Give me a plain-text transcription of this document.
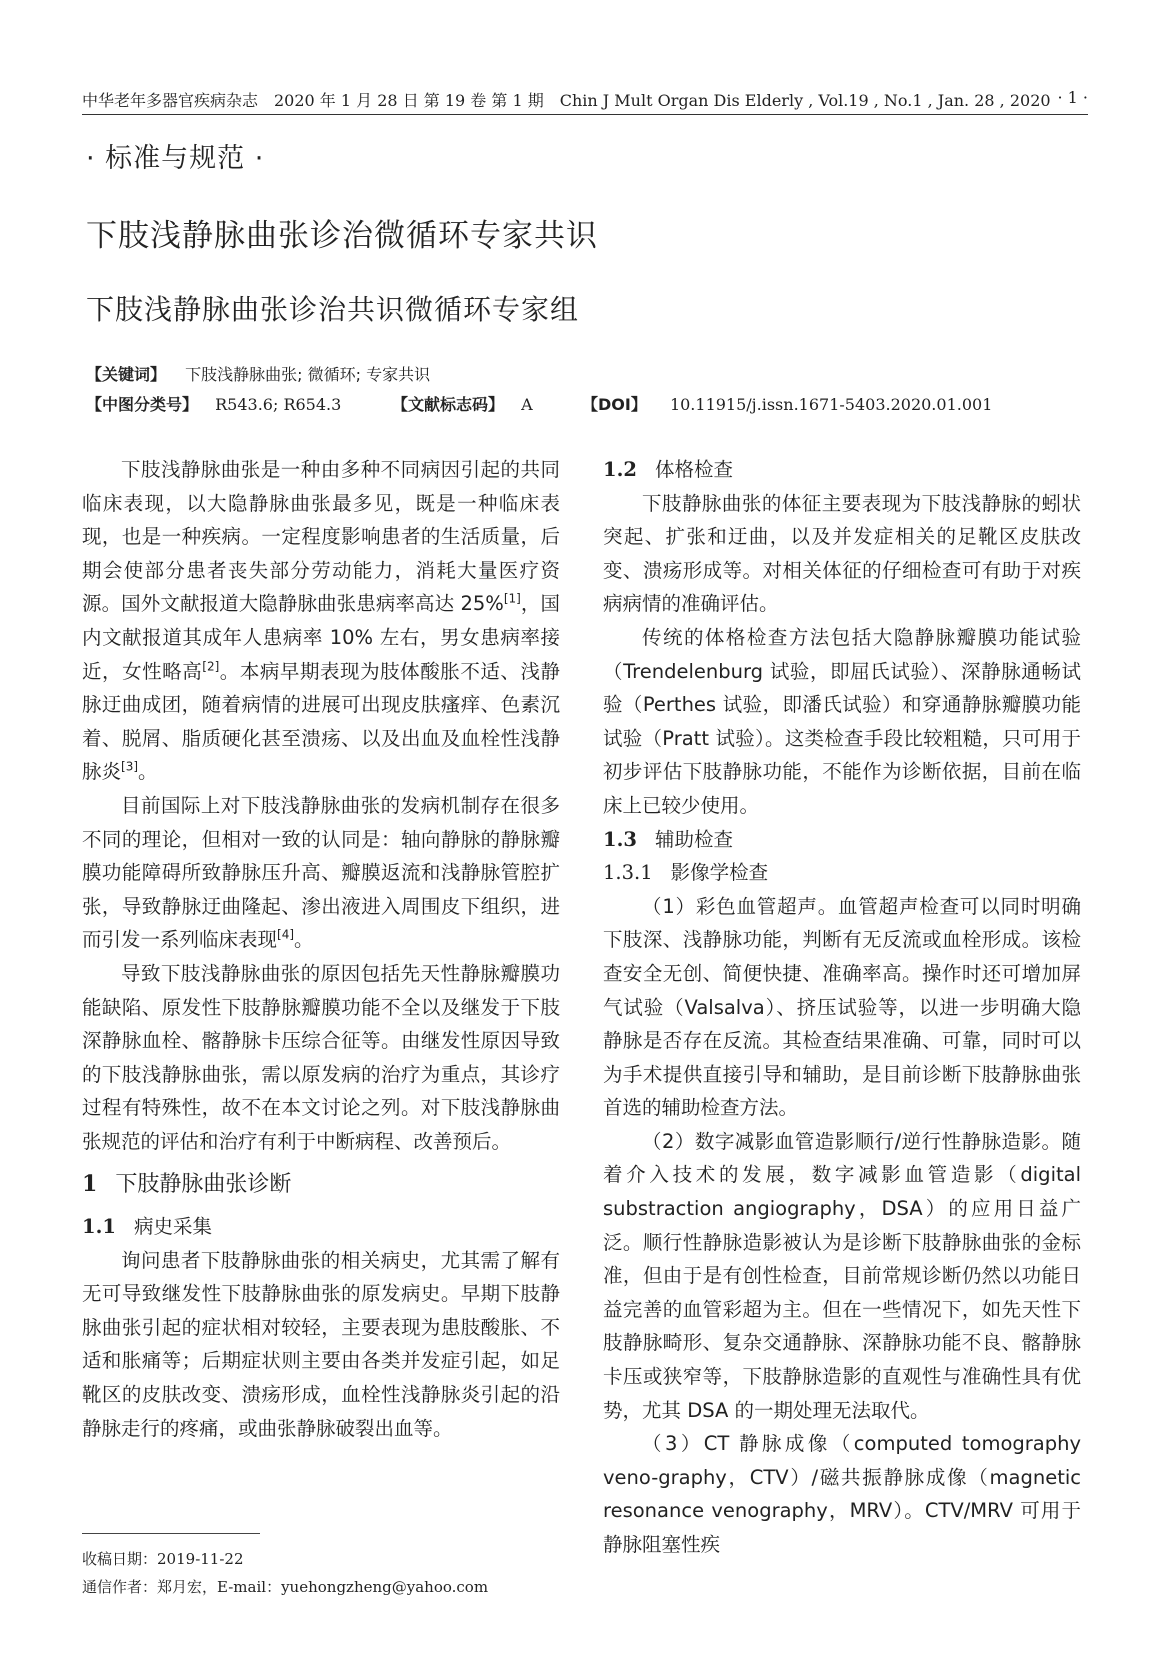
中华老年多器官疾病杂志　2020 年 1 月 28 日 第 19 卷 第 1 期　Chin J Mult Organ Dis Elderly , Vol.19 , No.1 , Jan. 28 , 2020 · 1 ·
· 标准与规范 ·
下肢浅静脉曲张诊治微循环专家共识
下肢浅静脉曲张诊治共识微循环专家组
【关键词】 下肢浅静脉曲张; 微循环; 专家共识
【中图分类号】 R543.6; R654.3	【文献标志码】 A	【DOI】 10.11915/j.issn.1671-5403.2020.01.001

下肢浅静脉曲张是一种由多种不同病因引起的共同临床表现，以大隐静脉曲张最多见，既是一种临床表现，也是一种疾病。一定程度影响患者的生活质量，后期会使部分患者丧失部分劳动能力，消耗大量医疗资源。国外文献报道大隐静脉曲张患病率高达 25%[1]，国内文献报道其成年人患病率 10% 左右，男女患病率接近，女性略高[2]。本病早期表现为肢体酸胀不适、浅静脉迂曲成团，随着病情的进展可出现皮肤瘙痒、色素沉着、脱屑、脂质硬化甚至溃疡、以及出血及血栓性浅静脉炎[3]。

目前国际上对下肢浅静脉曲张的发病机制存在很多不同的理论，但相对一致的认同是：轴向静脉的静脉瓣膜功能障碍所致静脉压升高、瓣膜返流和浅静脉管腔扩张，导致静脉迂曲隆起、渗出液进入周围皮下组织，进而引发一系列临床表现[4]。

导致下肢浅静脉曲张的原因包括先天性静脉瓣膜功能缺陷、原发性下肢静脉瓣膜功能不全以及继发于下肢深静脉血栓、髂静脉卡压综合征等。由继发性原因导致的下肢浅静脉曲张，需以原发病的治疗为重点，其诊疗过程有特殊性，故不在本文讨论之列。对下肢浅静脉曲张规范的评估和治疗有利于中断病程、改善预后。

1 下肢静脉曲张诊断
1.1 病史采集

询问患者下肢静脉曲张的相关病史，尤其需了解有无可导致继发性下肢静脉曲张的原发病史。早期下肢静脉曲张引起的症状相对较轻，主要表现为患肢酸胀、不适和胀痛等；后期症状则主要由各类并发症引起，如足靴区的皮肤改变、溃疡形成，血栓性浅静脉炎引起的沿静脉走行的疼痛，或曲张静脉破裂出血等。

1.2 体格检查

下肢静脉曲张的体征主要表现为下肢浅静脉的蚓状突起、扩张和迂曲，以及并发症相关的足靴区皮肤改变、溃疡形成等。对相关体征的仔细检查可有助于对疾病病情的准确评估。

传统的体格检查方法包括大隐静脉瓣膜功能试验（Trendelenburg 试验，即屈氏试验）、深静脉通畅试验（Perthes 试验，即潘氏试验）和穿通静脉瓣膜功能试验（Pratt 试验）。这类检查手段比较粗糙，只可用于初步评估下肢静脉功能，不能作为诊断依据，目前在临床上已较少使用。

1.3 辅助检查
1.3.1 影像学检查

（1）彩色血管超声。血管超声检查可以同时明确下肢深、浅静脉功能，判断有无反流或血栓形成。该检查安全无创、简便快捷、准确率高。操作时还可增加屏气试验（Valsalva）、挤压试验等，以进一步明确大隐静脉是否存在反流。其检查结果准确、可靠，同时可以为手术提供直接引导和辅助，是目前诊断下肢静脉曲张首选的辅助检查方法。

（2）数字减影血管造影顺行/逆行性静脉造影。随着介入技术的发展，数字减影血管造影（digital substraction angiography，DSA）的应用日益广泛。顺行性静脉造影被认为是诊断下肢静脉曲张的金标准，但由于是有创性检查，目前常规诊断仍然以功能日益完善的血管彩超为主。但在一些情况下，如先天性下肢静脉畸形、复杂交通静脉、深静脉功能不良、髂静脉卡压或狭窄等，下肢静脉造影的直观性与准确性具有优势，尤其 DSA 的一期处理无法取代。

（3）CT 静脉成像（computed tomography veno-graphy，CTV）/磁共振静脉成像（magnetic resonance venography，MRV）。CTV/MRV 可用于静脉阻塞性疾

收稿日期：2019-11-22
通信作者：郑月宏，E-mail：yuehongzheng@yahoo.com
